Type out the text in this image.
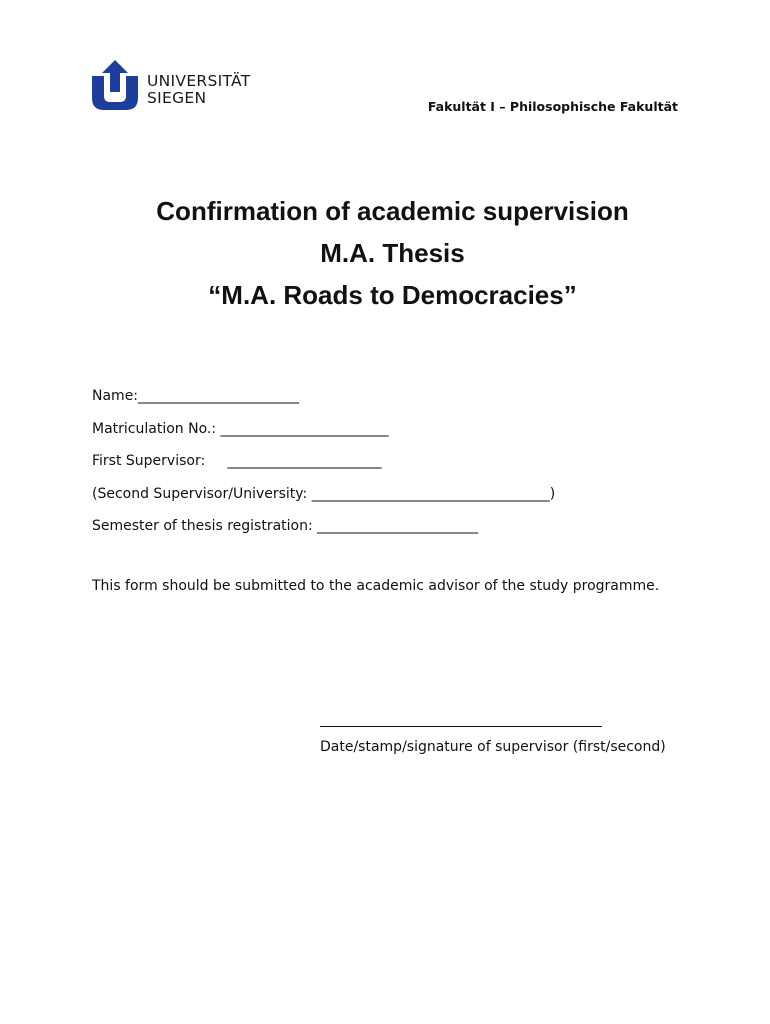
UNIVERSITÄT
SIEGEN	Fakultät I – Philosophische Fakultät
Confirmation of academic supervision
M.A. Thesis
“M.A. Roads to Democracies”
Name:_______________________
Matriculation No.: ________________________
First Supervisor:     ______________________
(Second Supervisor/University: __________________________________)
Semester of thesis registration: _______________________
This form should be submitted to the academic advisor of the study programme.
Date/stamp/signature of supervisor (first/second)
